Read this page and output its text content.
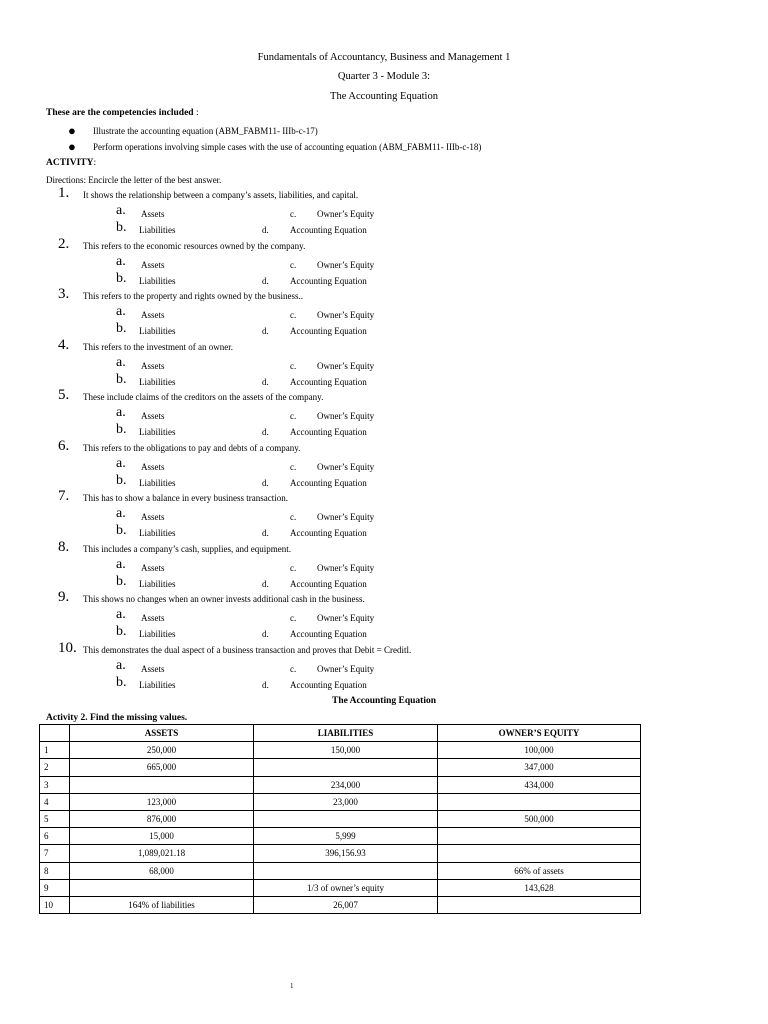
Fundamentals of Accountancy, Business and Management 1
Quarter 3 - Module 3:
The Accounting Equation
These are the competencies included :
● Illustrate the accounting equation (ABM_FABM11- IIIb-c-17)
● Perform operations involving simple cases with the use of accounting equation (ABM_FABM11- IIIb-c-18)
ACTIVITY:
Directions: Encircle the letter of the best answer.
1. It shows the relationship between a company’s assets, liabilities, and capital.
a. Assets	c. Owner’s Equity
b. Liabilities	d. Accounting Equation
2. This refers to the economic resources owned by the company.
a. Assets	c. Owner’s Equity
b. Liabilities	d. Accounting Equation
3. This refers to the property and rights owned by the business..
a. Assets	c. Owner’s Equity
b. Liabilities	d. Accounting Equation
4. This refers to the investment of an owner.
a. Assets	c. Owner’s Equity
b. Liabilities	d. Accounting Equation
5. These include claims of the creditors on the assets of the company.
a. Assets	c. Owner’s Equity
b. Liabilities	d. Accounting Equation
6. This refers to the obligations to pay and debts of a company.
a. Assets	c. Owner’s Equity
b. Liabilities	d. Accounting Equation
7. This has to show a balance in every business transaction.
a. Assets	c. Owner’s Equity
b. Liabilities	d. Accounting Equation
8. This includes a company’s cash, supplies, and equipment.
a. Assets	c. Owner’s Equity
b. Liabilities	d. Accounting Equation
9. This shows no changes when an owner invests additional cash in the business.
a. Assets	c. Owner’s Equity
b. Liabilities	d. Accounting Equation
10. This demonstrates the dual aspect of a business transaction and proves that Debit = Creditl.
a. Assets	c. Owner’s Equity
b. Liabilities	d. Accounting Equation
The Accounting Equation
Activity 2. Find the missing values.
	ASSETS	LIABILITIES	OWNER’S EQUITY
1	250,000	150,000	100,000
2	665,000		347,000
3		234,000	434,000
4	123,000	23,000	
5	876,000		500,000
6	15,000	5,999	
7	1,089,021.18	396,156.93	
8	68,000		66% of assets
9		1/3 of owner’s equity	143,628
10	164% of liabilities	26,007	
1
